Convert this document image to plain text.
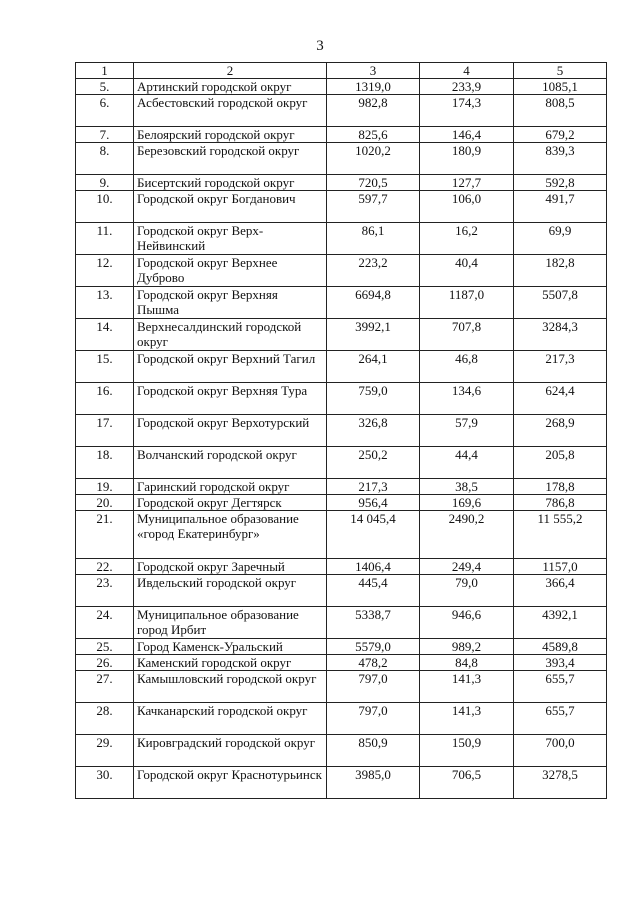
3
1	2	3	4	5
5.	Артинский городской округ	1319,0	233,9	1085,1
6.	Асбестовский городской округ	982,8	174,3	808,5
7.	Белоярский городской округ	825,6	146,4	679,2
8.	Березовский городской округ	1020,2	180,9	839,3
9.	Бисертский городской округ	720,5	127,7	592,8
10.	Городской округ Богданович	597,7	106,0	491,7
11.	Городской округ Верх-Нейвинский	86,1	16,2	69,9
12.	Городской округ Верхнее Дуброво	223,2	40,4	182,8
13.	Городской округ Верхняя Пышма	6694,8	1187,0	5507,8
14.	Верхнесалдинский городской округ	3992,1	707,8	3284,3
15.	Городской округ Верхний Тагил	264,1	46,8	217,3
16.	Городской округ Верхняя Тура	759,0	134,6	624,4
17.	Городской округ Верхотурский	326,8	57,9	268,9
18.	Волчанский городской округ	250,2	44,4	205,8
19.	Гаринский городской округ	217,3	38,5	178,8
20.	Городской округ Дегтярск	956,4	169,6	786,8
21.	Муниципальное образование «город Екатеринбург»	14 045,4	2490,2	11 555,2
22.	Городской округ Заречный	1406,4	249,4	1157,0
23.	Ивдельский городской округ	445,4	79,0	366,4
24.	Муниципальное образование город Ирбит	5338,7	946,6	4392,1
25.	Город Каменск-Уральский	5579,0	989,2	4589,8
26.	Каменский городской округ	478,2	84,8	393,4
27.	Камышловский городской округ	797,0	141,3	655,7
28.	Качканарский городской округ	797,0	141,3	655,7
29.	Кировградский городской округ	850,9	150,9	700,0
30.	Городской округ Краснотурьинск	3985,0	706,5	3278,5
